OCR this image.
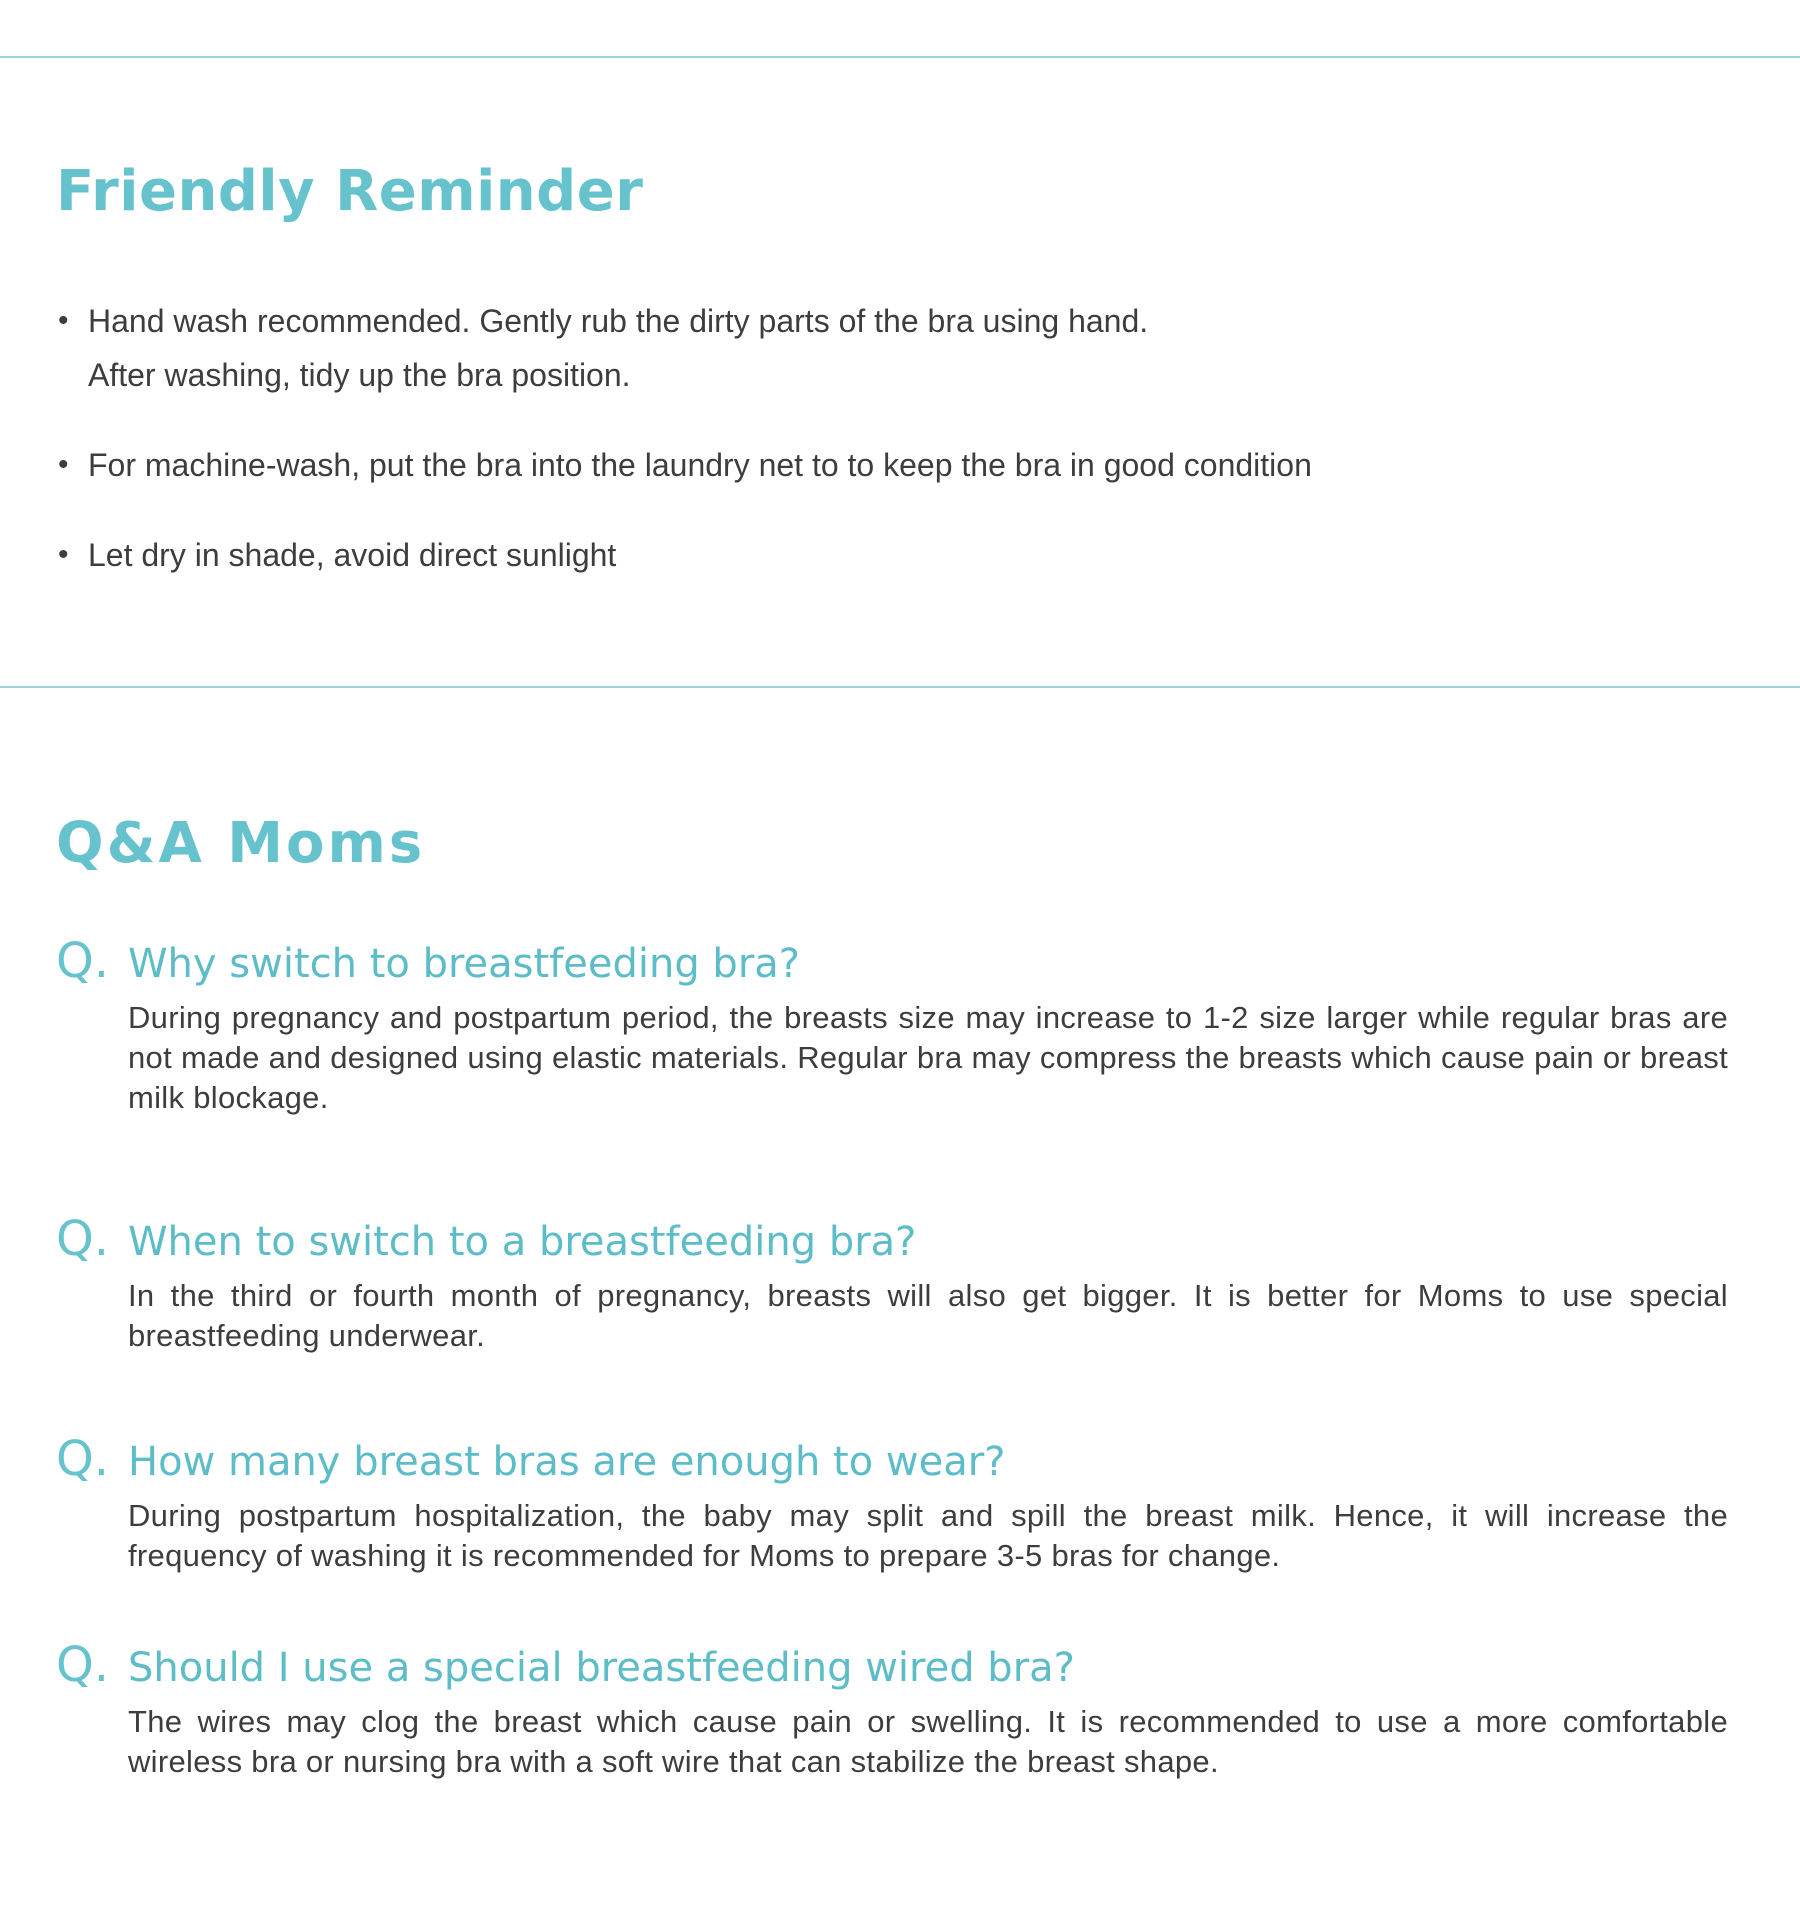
Friendly Reminder
• Hand wash recommended. Gently rub the dirty parts of the bra using hand.
After washing, tidy up the bra position.
• For machine-wash, put the bra into the laundry net to to keep the bra in good condition
• Let dry in shade, avoid direct sunlight
Q&A Moms
Q. Why switch to breastfeeding bra?

During pregnancy and postpartum period, the breasts size may increase to 1-2 size larger while regular bras are not made and designed using elastic materials. Regular bra may compress the breasts which cause pain or breast milk blockage.

Q. When to switch to a breastfeeding bra?

In the third or fourth month of pregnancy, breasts will also get bigger. It is better for Moms to use special breastfeeding underwear.

Q. How many breast bras are enough to wear?

During postpartum hospitalization, the baby may split and spill the breast milk. Hence, it will increase the frequency of washing it is recommended for Moms to prepare 3-5 bras for change.

Q. Should I use a special breastfeeding wired bra?

The wires may clog the breast which cause pain or swelling. It is recommended to use a more comfortable wireless bra or nursing bra with a soft wire that can stabilize the breast shape.
